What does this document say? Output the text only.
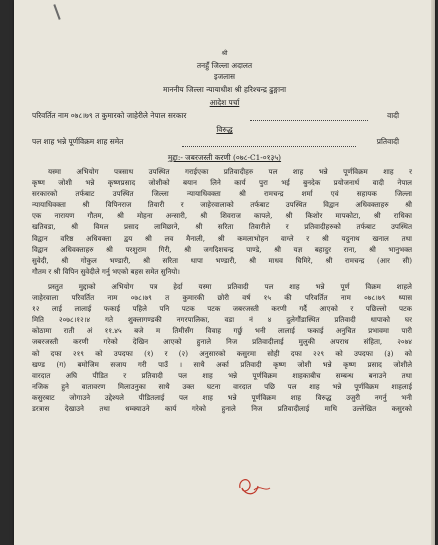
श्री
तनहुँ जिल्ला अदालत
इजलास
माननीय जिल्ला न्यायाधीश श्री हरिश्चन्द्र ढुङ्गाना
आदेश पर्चा
परिवर्तित नाम ०७८।७९ त कुमारको जाहेरीले नेपाल सरकार	वादी
विरुद्ध
पल शाह भन्ने पूर्णविक्रम शाह समेत	प्रतिवादी
मुद्दा:- जबरजस्ती करणी (०७८-C1-०१३५)
यस्मा अभियोग पत्रसाथ उपस्थित गराईएका प्रतिवादीहरु पल शाह भन्ने पूर्णविक्रम शाह र
कृष्ण जोशी भन्ने कृष्णप्रसाद जोशीको बयान लिने कार्य पुरा भई बुनदेक प्रयोजनार्थ वादी नेपाल
सरकारको तर्फबाट उपस्थित जिल्ला न्यायाधिवक्ता श्री रामचन्द्र शर्मा एवं सहायक जिल्ला
न्यायाधिवक्ता श्री विपिनराज तिवारी र जाहेरवालाको तर्फबाट उपस्थित विद्वान अधिवक्ताहरु श्री
एक नारायण गौतम, श्री मोहना अन्सारी, श्री शिवराज कापले, श्री किशोर मापकोटा, श्री राधिका
खतिवडा, श्री विमल प्रसाद लामिछाने, श्री सरिता तिवारीले र प्रतिवादीहरुको तर्फबाट उपस्थित
विद्वान वरिष्ठ अधिवक्ता द्वय श्री लव मैनाली, श्री कमलाभोहन वाग्ले र श्री यदुनाथ खनाल तथा
विद्वान अधिवक्ताहरु श्री परशुराम गिरी, श्री जगदिशचन्द्र पाण्डे, श्री यज्ञ बहादुर राना, श्री भानुभक्त
सुवेदी, श्री गोकुल भण्डारी, श्री सरिता थापा भण्डारी, श्री माधव घिमिरे, श्री रामचन्द्र (आर सी)
गौतम र श्री विपिन सुवेदीले गर्नु भएको बहस समेत सुनियो।
प्रस्तुत मुद्दाको अभियोग पत्र हेर्दा यस्मा प्रतिवादी पल शाह भन्ने पूर्ण विक्रम शाहले
जाहेरवाला परिवर्तित नाम ०७८।७९ त कुमारकी छोरी वर्ष १५ की परिवर्तित नाम ०७८।७९ थ्यास
१२ लाई लालाई फकाई पहिले पनि पटक पटक जबरजस्ती करणी गर्दै आएको र पछिल्लो पटक
मिति २०७८।१२।४ गते शुक्लागण्डकी नगरपालिका, वडा नं ४ दुलेगौंडास्थित प्रतिवादी धापाको घर
कोठामा राती अं ११.४५ बजे म तिमीसँग विवाह गर्छु भनी लालाई फकाई अनुचित प्रभावमा पारी
जबरजस्ती करणी गरेको देखिन आएको हुनाले निज प्रतिवादीलाई मुलुकी अपराध संहिता, २०७४
को दफा २१९ को उपदफा (१) र (२) अनुसारको कसुरमा सोही दफा २२९ को उपदफा (३) को
खण्ड (ग) बमोजिम सजाय गरी पाउँ । साथै अर्का प्रतिवादी कृष्ण जोशी भन्ने कृष्ण प्रसाद जोशीले
वारदात अघि पीडित र प्रतिवादी पल शाह भन्ने पूर्णविक्रम शाहकाबीच सम्बन्ध बनाउने तथा
नजिक हुने वातावरण मिलाउनुका साथै उक्त घटना वारदात पछि पल शाह भन्ने पूर्णविक्रम शाहलाई
कसुरबाट जोगाउने उद्देश्यले पीडितलाई पल शाह भन्ने पूर्णविक्रम शाह विरुद्ध उजुरी नगर्नु भनी
डरत्रास देखाउने तथा धम्क्याउने कार्य गरेको हुनाले निज प्रतिवादीलाई माथि उल्लेखित कसुरको
